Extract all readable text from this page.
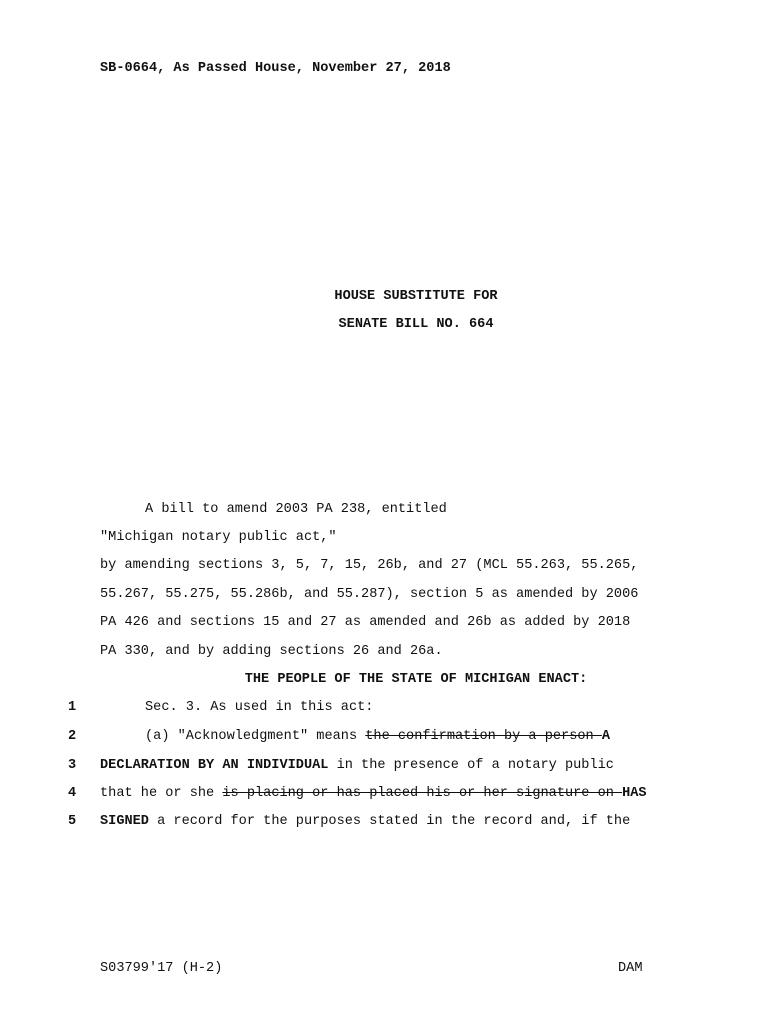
SB-0664, As Passed House, November 27, 2018
HOUSE SUBSTITUTE FOR
SENATE BILL NO. 664
A bill to amend 2003 PA 238, entitled
"Michigan notary public act,"
by amending sections 3, 5, 7, 15, 26b, and 27 (MCL 55.263, 55.265,
55.267, 55.275, 55.286b, and 55.287), section 5 as amended by 2006
PA 426 and sections 15 and 27 as amended and 26b as added by 2018
PA 330, and by adding sections 26 and 26a.
THE PEOPLE OF THE STATE OF MICHIGAN ENACT:
1
2
3
4
5
Sec. 3. As used in this act:
(a) "Acknowledgment" means the confirmation by a person A
DECLARATION BY AN INDIVIDUAL in the presence of a notary public
that he or she is placing or has placed his or her signature on HAS
SIGNED a record for the purposes stated in the record and, if the
S03799'17 (H-2)	DAM
